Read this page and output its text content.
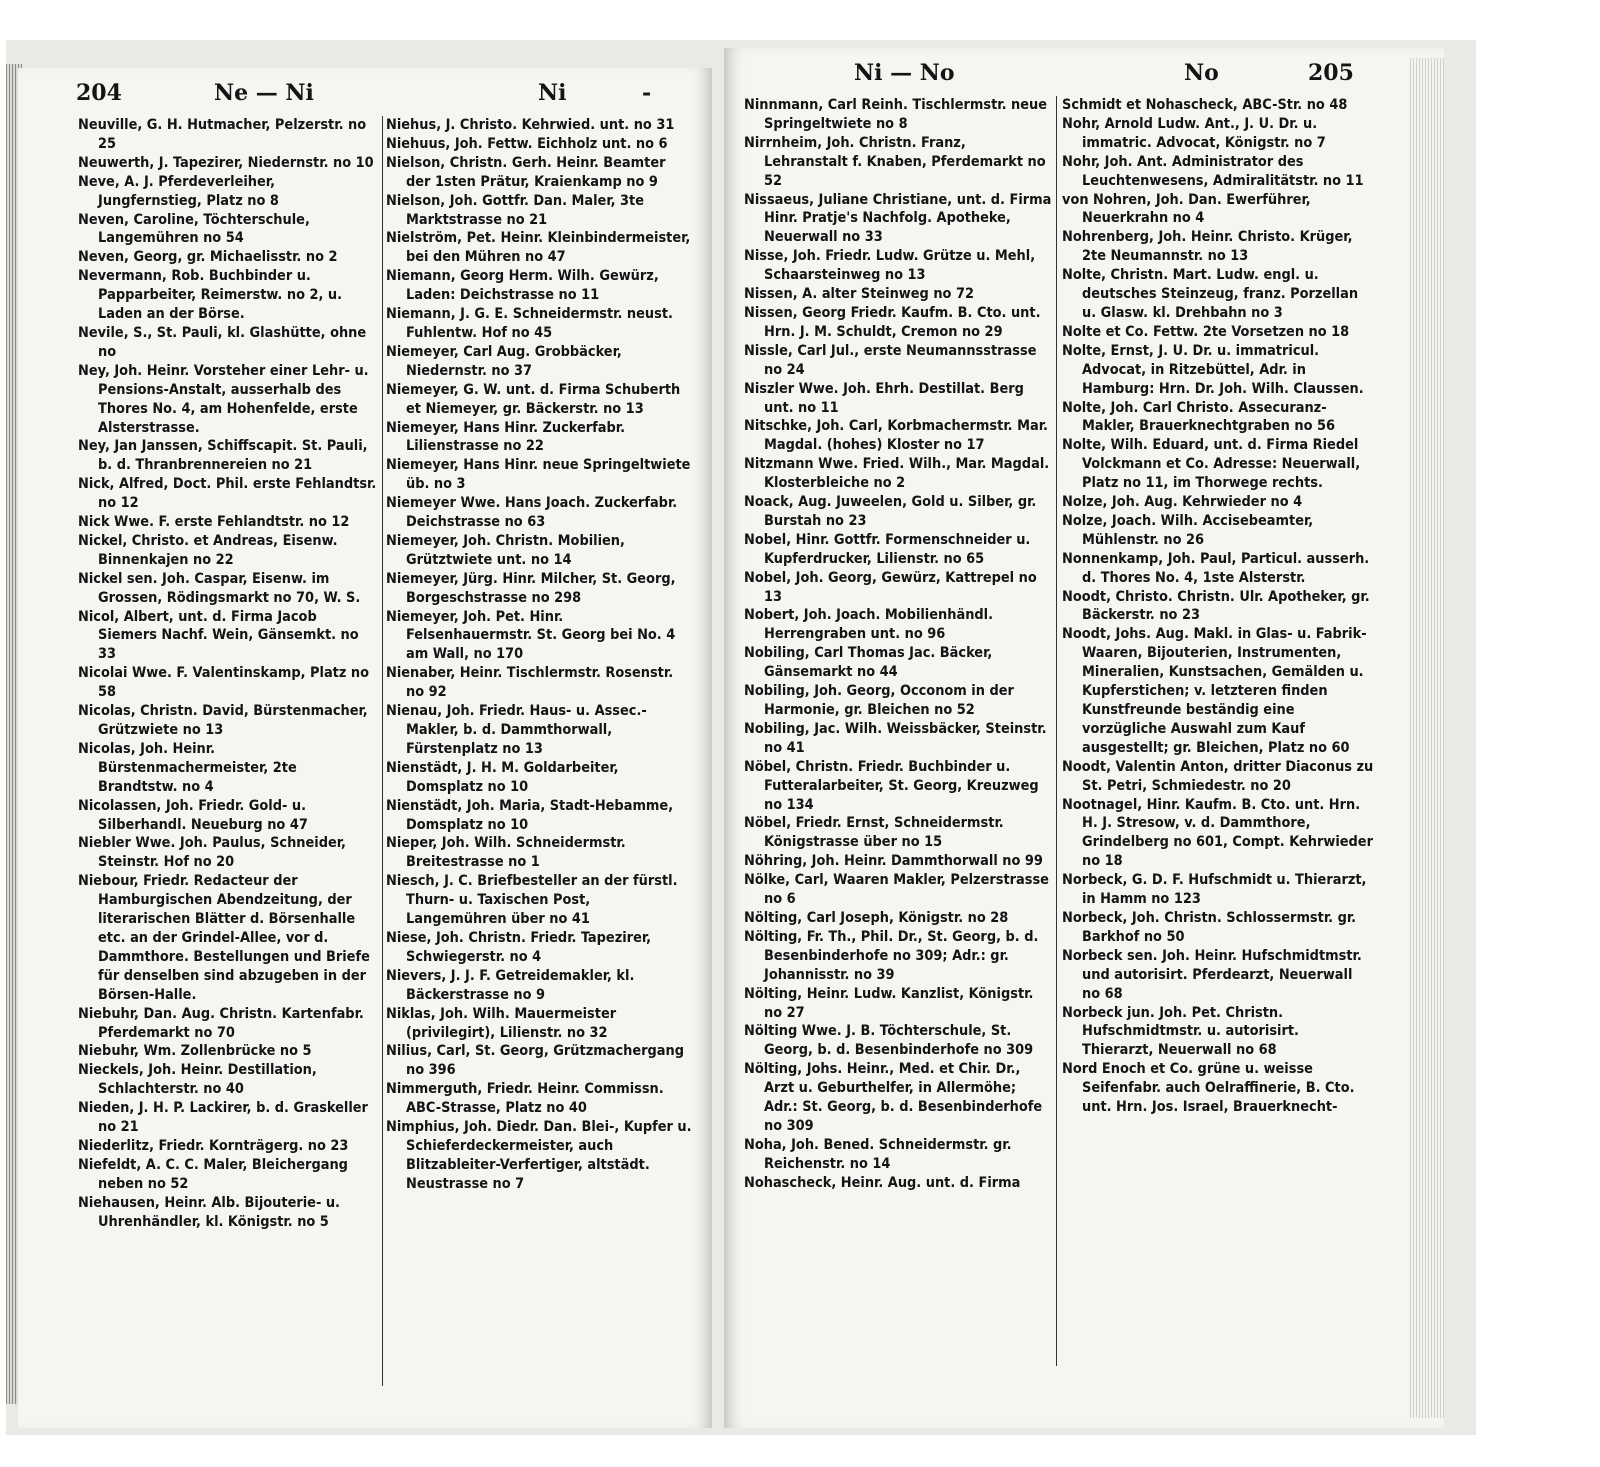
204	Ne — Ni	Ni	-

Neuville, G. H. Hutmacher, Pelzerstr. no 25

Neuwerth, J. Tapezirer, Niedernstr. no 10

Neve, A. J. Pferdeverleiher, Jungfernstieg, Platz no 8

Neven, Caroline, Töchterschule, Langemühren no 54

Neven, Georg, gr. Michaelisstr. no 2

Nevermann, Rob. Buchbinder u. Papparbeiter, Reimerstw. no 2, u. Laden an der Börse.

Nevile, S., St. Pauli, kl. Glashütte, ohne no

Ney, Joh. Heinr. Vorsteher einer Lehr- u. Pensions-Anstalt, ausserhalb des Thores No. 4, am Hohenfelde, erste Alsterstrasse.

Ney, Jan Janssen, Schiffscapit. St. Pauli, b. d. Thranbrennereien no 21

Nick, Alfred, Doct. Phil. erste Fehlandtsr. no 12

Nick Wwe. F. erste Fehlandtstr. no 12

Nickel, Christo. et Andreas, Eisenw. Binnenkajen no 22

Nickel sen. Joh. Caspar, Eisenw. im Grossen, Rödingsmarkt no 70, W. S.

Nicol, Albert, unt. d. Firma Jacob Siemers Nachf. Wein, Gänsemkt. no 33

Nicolai Wwe. F. Valentinskamp, Platz no 58

Nicolas, Christn. David, Bürstenmacher, Grützwiete no 13

Nicolas, Joh. Heinr. Bürstenmachermeister, 2te Brandtstw. no 4

Nicolassen, Joh. Friedr. Gold- u. Silberhandl. Neueburg no 47

Niebler Wwe. Joh. Paulus, Schneider, Steinstr. Hof no 20

Niebour, Friedr. Redacteur der Hamburgischen Abendzeitung, der literarischen Blätter d. Börsenhalle etc. an der Grindel-Allee, vor d. Dammthore. Bestellungen und Briefe für denselben sind abzugeben in der Börsen-Halle.

Niebuhr, Dan. Aug. Christn. Kartenfabr. Pferdemarkt no 70

Niebuhr, Wm. Zollenbrücke no 5

Nieckels, Joh. Heinr. Destillation, Schlachterstr. no 40

Nieden, J. H. P. Lackirer, b. d. Graskeller no 21

Niederlitz, Friedr. Kornträgerg. no 23

Niefeldt, A. C. C. Maler, Bleichergang neben no 52

Niehausen, Heinr. Alb. Bijouterie- u. Uhrenhändler, kl. Königstr. no 5

Niehus, J. Christo. Kehrwied. unt. no 31

Niehuus, Joh. Fettw. Eichholz unt. no 6

Nielson, Christn. Gerh. Heinr. Beamter der 1sten Prätur, Kraienkamp no 9

Nielson, Joh. Gottfr. Dan. Maler, 3te Marktstrasse no 21

Nielström, Pet. Heinr. Kleinbindermeister, bei den Mühren no 47

Niemann, Georg Herm. Wilh. Gewürz, Laden: Deichstrasse no 11

Niemann, J. G. E. Schneidermstr. neust. Fuhlentw. Hof no 45

Niemeyer, Carl Aug. Grobbäcker, Niedernstr. no 37

Niemeyer, G. W. unt. d. Firma Schuberth et Niemeyer, gr. Bäckerstr. no 13

Niemeyer, Hans Hinr. Zuckerfabr. Lilienstrasse no 22

Niemeyer, Hans Hinr. neue Springeltwiete üb. no 3

Niemeyer Wwe. Hans Joach. Zuckerfabr. Deichstrasse no 63

Niemeyer, Joh. Christn. Mobilien, Grütztwiete unt. no 14

Niemeyer, Jürg. Hinr. Milcher, St. Georg, Borgeschstrasse no 298

Niemeyer, Joh. Pet. Hinr. Felsenhauermstr. St. Georg bei No. 4 am Wall, no 170

Nienaber, Heinr. Tischlermstr. Rosenstr. no 92

Nienau, Joh. Friedr. Haus- u. Assec.-Makler, b. d. Dammthorwall, Fürstenplatz no 13

Nienstädt, J. H. M. Goldarbeiter, Domsplatz no 10

Nienstädt, Joh. Maria, Stadt-Hebamme, Domsplatz no 10

Nieper, Joh. Wilh. Schneidermstr. Breitestrasse no 1

Niesch, J. C. Briefbesteller an der fürstl. Thurn- u. Taxischen Post, Langemühren über no 41

Niese, Joh. Christn. Friedr. Tapezirer, Schwiegerstr. no 4

Nievers, J. J. F. Getreidemakler, kl. Bäckerstrasse no 9

Niklas, Joh. Wilh. Mauermeister (privilegirt), Lilienstr. no 32

Nilius, Carl, St. Georg, Grützmachergang no 396

Nimmerguth, Friedr. Heinr. Commissn. ABC-Strasse, Platz no 40

Nimphius, Joh. Diedr. Dan. Blei-, Kupfer u. Schieferdeckermeister, auch Blitzableiter-Verfertiger, altstädt. Neustrasse no 7

Ni — No	No	205

Ninnmann, Carl Reinh. Tischlermstr. neue Springeltwiete no 8

Nirrnheim, Joh. Christn. Franz, Lehranstalt f. Knaben, Pferdemarkt no 52

Nissaeus, Juliane Christiane, unt. d. Firma Hinr. Pratje's Nachfolg. Apotheke, Neuerwall no 33

Nisse, Joh. Friedr. Ludw. Grütze u. Mehl, Schaarsteinweg no 13

Nissen, A. alter Steinweg no 72

Nissen, Georg Friedr. Kaufm. B. Cto. unt. Hrn. J. M. Schuldt, Cremon no 29

Nissle, Carl Jul., erste Neumannsstrasse no 24

Niszler Wwe. Joh. Ehrh. Destillat. Berg unt. no 11

Nitschke, Joh. Carl, Korbmachermstr. Mar. Magdal. (hohes) Kloster no 17

Nitzmann Wwe. Fried. Wilh., Mar. Magdal. Klosterbleiche no 2

Noack, Aug. Juweelen, Gold u. Silber, gr. Burstah no 23

Nobel, Hinr. Gottfr. Formenschneider u. Kupferdrucker, Lilienstr. no 65

Nobel, Joh. Georg, Gewürz, Kattrepel no 13

Nobert, Joh. Joach. Mobilienhändl. Herrengraben unt. no 96

Nobiling, Carl Thomas Jac. Bäcker, Gänsemarkt no 44

Nobiling, Joh. Georg, Occonom in der Harmonie, gr. Bleichen no 52

Nobiling, Jac. Wilh. Weissbäcker, Steinstr. no 41

Nöbel, Christn. Friedr. Buchbinder u. Futteralarbeiter, St. Georg, Kreuzweg no 134

Nöbel, Friedr. Ernst, Schneidermstr. Königstrasse über no 15

Nöhring, Joh. Heinr. Dammthorwall no 99

Nölke, Carl, Waaren Makler, Pelzerstrasse no 6

Nölting, Carl Joseph, Königstr. no 28

Nölting, Fr. Th., Phil. Dr., St. Georg, b. d. Besenbinderhofe no 309; Adr.: gr. Johannisstr. no 39

Nölting, Heinr. Ludw. Kanzlist, Königstr. no 27

Nölting Wwe. J. B. Töchterschule, St. Georg, b. d. Besenbinderhofe no 309

Nölting, Johs. Heinr., Med. et Chir. Dr., Arzt u. Geburthelfer, in Allermöhe; Adr.: St. Georg, b. d. Besenbinderhofe no 309

Noha, Joh. Bened. Schneidermstr. gr. Reichenstr. no 14

Nohascheck, Heinr. Aug. unt. d. Firma

Schmidt et Nohascheck, ABC-Str. no 48

Nohr, Arnold Ludw. Ant., J. U. Dr. u. immatric. Advocat, Königstr. no 7

Nohr, Joh. Ant. Administrator des Leuchtenwesens, Admiralitätstr. no 11

von Nohren, Joh. Dan. Ewerführer, Neuerkrahn no 4

Nohrenberg, Joh. Heinr. Christo. Krüger, 2te Neumannstr. no 13

Nolte, Christn. Mart. Ludw. engl. u. deutsches Steinzeug, franz. Porzellan u. Glasw. kl. Drehbahn no 3

Nolte et Co. Fettw. 2te Vorsetzen no 18

Nolte, Ernst, J. U. Dr. u. immatricul. Advocat, in Ritzebüttel, Adr. in Hamburg: Hrn. Dr. Joh. Wilh. Claussen.

Nolte, Joh. Carl Christo. Assecuranz-Makler, Brauerknechtgraben no 56

Nolte, Wilh. Eduard, unt. d. Firma Riedel Volckmann et Co. Adresse: Neuerwall, Platz no 11, im Thorwege rechts.

Nolze, Joh. Aug. Kehrwieder no 4

Nolze, Joach. Wilh. Accisebeamter, Mühlenstr. no 26

Nonnenkamp, Joh. Paul, Particul. ausserh. d. Thores No. 4, 1ste Alsterstr.

Noodt, Christo. Christn. Ulr. Apotheker, gr. Bäckerstr. no 23

Noodt, Johs. Aug. Makl. in Glas- u. Fabrik-Waaren, Bijouterien, Instrumenten, Mineralien, Kunstsachen, Gemälden u. Kupferstichen; v. letzteren finden Kunstfreunde beständig eine vorzügliche Auswahl zum Kauf ausgestellt; gr. Bleichen, Platz no 60

Noodt, Valentin Anton, dritter Diaconus zu St. Petri, Schmiedestr. no 20

Nootnagel, Hinr. Kaufm. B. Cto. unt. Hrn. H. J. Stresow, v. d. Dammthore, Grindelberg no 601, Compt. Kehrwieder no 18

Norbeck, G. D. F. Hufschmidt u. Thierarzt, in Hamm no 123

Norbeck, Joh. Christn. Schlossermstr. gr. Barkhof no 50

Norbeck sen. Joh. Heinr. Hufschmidtmstr. und autorisirt. Pferdearzt, Neuerwall no 68

Norbeck jun. Joh. Pet. Christn. Hufschmidtmstr. u. autorisirt. Thierarzt, Neuerwall no 68

Nord Enoch et Co. grüne u. weisse Seifenfabr. auch Oelraffinerie, B. Cto. unt. Hrn. Jos. Israel, Brauerknecht-
